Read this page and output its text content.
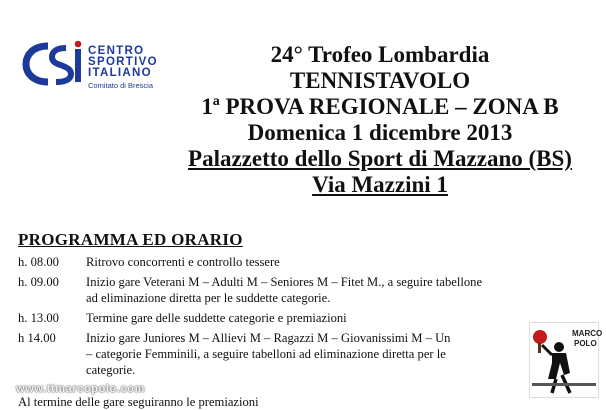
CENTRO
SPORTIVO
ITALIANO
Comitato di Brescia
24° Trofeo Lombardia TENNISTAVOLO
1ª PROVA REGIONALE – ZONA B
Domenica 1 dicembre 2013
Palazzetto dello Sport di Mazzano (BS)
Via Mazzini 1
PROGRAMMA ED ORARIO
h. 08.00 Ritrovo concorrenti e controllo tessere
h. 09.00 Inizio gare Veterani M – Adulti M – Seniores M – Fitet M., a seguire tabellone
ad eliminazione diretta per le suddette categorie.
h. 13.00 Termine gare delle suddette categorie e premiazioni
h 14.00 Inizio gare Juniores M – Allievi M – Ragazzi M – Giovanissimi M – Un
– categorie Femminili, a seguire tabelloni ad eliminazione diretta per le
categorie.
Al termine delle gare seguiranno le premiazioni
www.ttmarcopolo.com
MARCO
POLO
